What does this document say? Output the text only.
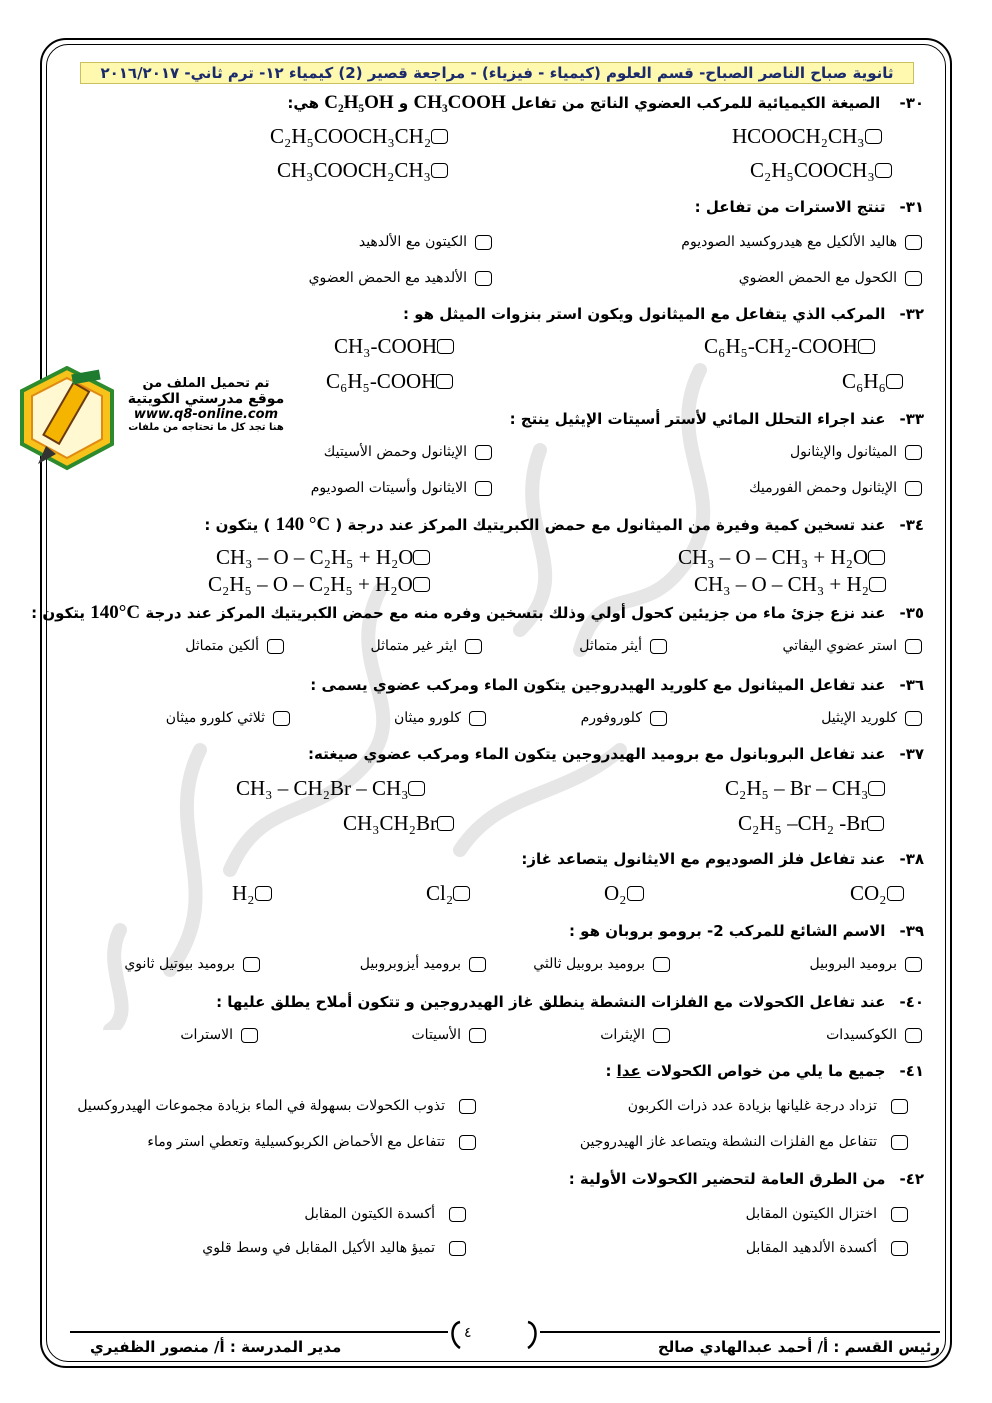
ثانوية صباح الناصر الصباح- قسم العلوم (كيمياء - فيزياء) - مراجعة قصير (2) كيمياء ١٢- ترم ثاني- ٢٠١٦/٢٠١٧
تم تحميل الملف من
موقع مدرستي الكويتية
www.q8-online.com
هنا تجد كل ما تحتاجه من ملفات
٣٠- الصيغة الكيميائية للمركب العضوي الناتج من تفاعل CH₃COOH و C₂H₅OH هي:
HCOOCH₂CH₃
C₂H₅COOCH₃CH₂
C₂H₅COOCH₃
CH₃COOCH₂CH₃
٣١-تنتج الاسترات من تفاعل :
هاليد الألكيل مع هيدروكسيد الصوديوم
الكيتون مع الألدهيد
الكحول مع الحمض العضوي
الألدهيد مع الحمض العضوي
٣٢-المركب الذي يتفاعل مع الميثانول ويكون استر بنزوات الميثل هو :
C₆H₅-CH₂-COOH
CH₃-COOH
C₆H₆
C₆H₅-COOH
٣٣-عند اجراء التحلل المائي لأستر أسيتات الإيثيل ينتج :
الميثانول والإيثانول
الإيثانول وحمض الأسيتيك
الإيثانول وحمض الفورميك
الايثانول وأسيتات الصوديوم
٣٤-عند تسخين كمية وفيرة من الميثانول مع حمض الكبريتيك المركز عند درجة ( 140 °C ) يتكون :
CH₃ – O – CH₃ + H₂O
CH₃ – O – C₂H₅ + H₂O
CH₃ – O – CH₃ + H₂
C₂H₅ – O – C₂H₅ + H₂O
٣٥-عند نزع جزئ ماء من جزيئين كحول أولي وذلك بتسخين وفره منه مع حمض الكبريتيك المركز عند درجة 140°C يتكون :
استر عضوي اليفاتي
أيثر متماثل
ايثر غير متماثل
ألكين متماثل
٣٦-عند تفاعل الميثانول مع كلوريد الهيدروجين يتكون الماء ومركب عضوي يسمى :
كلوريد الإيثيل
كلوروفورم
كلورو ميثان
ثلاثي كلورو ميثان
٣٧-عند تفاعل البروبانول مع بروميد الهيدروجين يتكون الماء ومركب عضوي صيغته:
C₂H₅ – Br – CH₃
CH₃ – CH₂Br – CH₃
C₂H₅ –CH₂ -Br
CH₃CH₂Br
٣٨-عند تفاعل فلز الصوديوم مع الايثانول يتصاعد غاز:
CO₂
O₂
Cl₂
H₂
٣٩-الاسم الشائع للمركب 2- برومو بروبان هو :
بروميد البروبيل
بروميد بروبيل ثالثي
بروميد أيزوبروبيل
بروميد بيوتيل ثانوي
٤٠-عند تفاعل الكحولات مع الفلزات النشطة ينطلق غاز الهيدروجين و تتكون أملاح يطلق عليها :
الكوكسيدات
الإيثرات
الأسيتات
الاسترات
٤١-جميع ما يلي من خواص الكحولات عدا :
تزداد درجة غليانها بزيادة عدد ذرات الكربون
تذوب الكحولات بسهولة في الماء بزيادة مجموعات الهيدروكسيل
تتفاعل مع الفلزات النشطة ويتصاعد غاز الهيدروجين
تتفاعل مع الأحماض الكربوكسيلية وتعطي استر وماء
٤٢-من الطرق العامة لتحضير الكحولات الأولية :
اختزال الكيتون المقابل
أكسدة الكيتون المقابل
أكسدة الألدهيد المقابل
تميؤ هاليد الأكيل المقابل في وسط قلوي
٤
رئيس القسم : أ/ أحمد عبدالهادي صالح
مدير المدرسة : أ/ منصور الظفيري
